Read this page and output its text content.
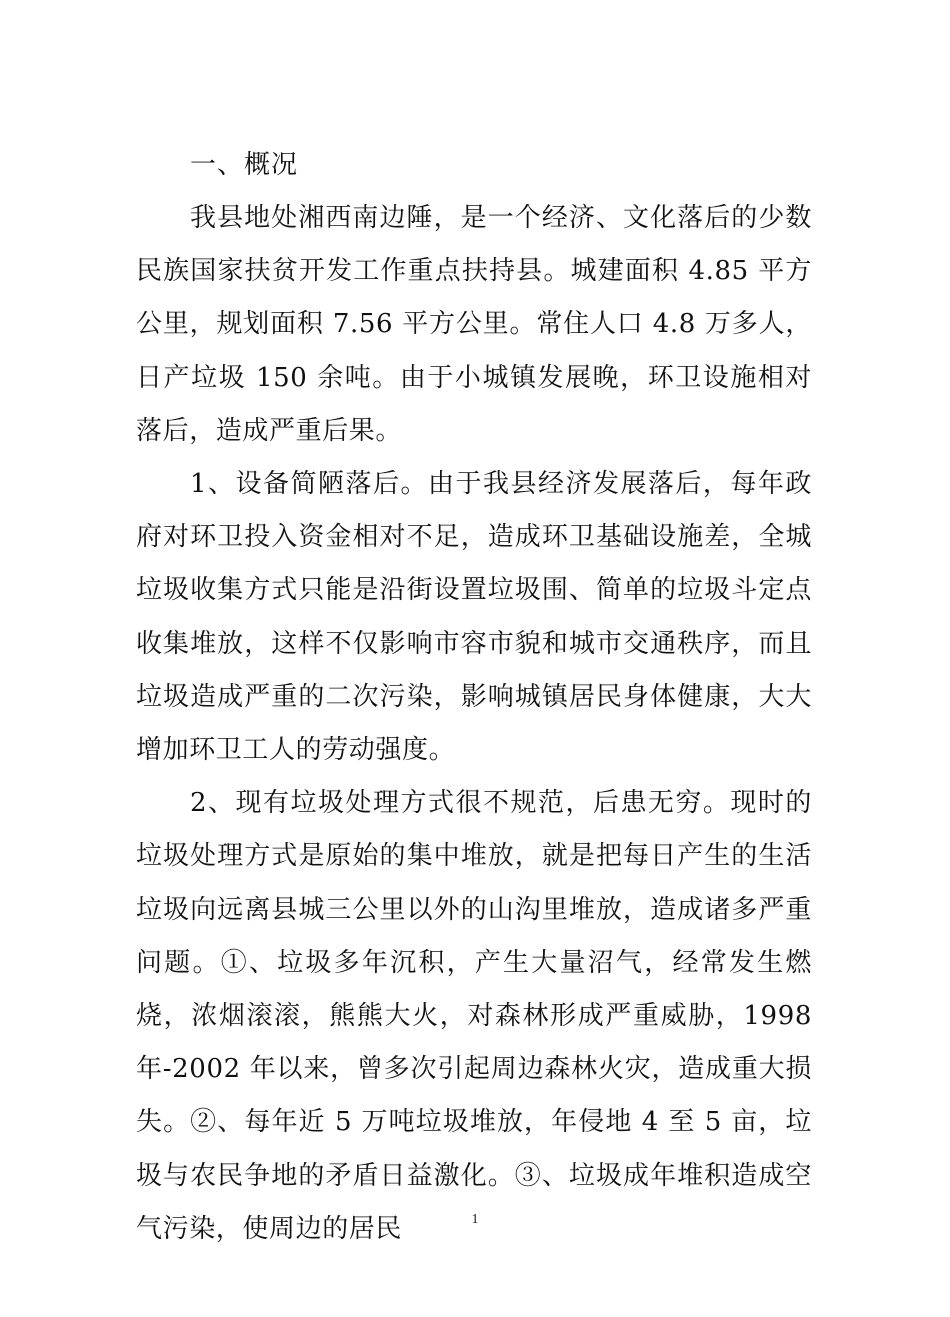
一、概况

我县地处湘西南边陲，是一个经济、文化落后的少数民族国家扶贫开发工作重点扶持县。城建面积 4.85 平方公里，规划面积 7.56 平方公里。常住人口 4.8 万多人，日产垃圾 150 余吨。由于小城镇发展晚，环卫设施相对落后，造成严重后果。

1、设备简陋落后。由于我县经济发展落后，每年政府对环卫投入资金相对不足，造成环卫基础设施差，全城垃圾收集方式只能是沿街设置垃圾围、简单的垃圾斗定点收集堆放，这样不仅影响市容市貌和城市交通秩序，而且垃圾造成严重的二次污染，影响城镇居民身体健康，大大增加环卫工人的劳动强度。

2、现有垃圾处理方式很不规范，后患无穷。现时的垃圾处理方式是原始的集中堆放，就是把每日产生的生活垃圾向远离县城三公里以外的山沟里堆放，造成诸多严重问题。①、垃圾多年沉积，产生大量沼气，经常发生燃烧，浓烟滚滚，熊熊大火，对森林形成严重威胁，1998 年-2002 年以来，曾多次引起周边森林火灾，造成重大损失。②、每年近 5 万吨垃圾堆放，年侵地 4 至 5 亩，垃圾与农民争地的矛盾日益激化。③、垃圾成年堆积造成空气污染，使周边的居民	1
